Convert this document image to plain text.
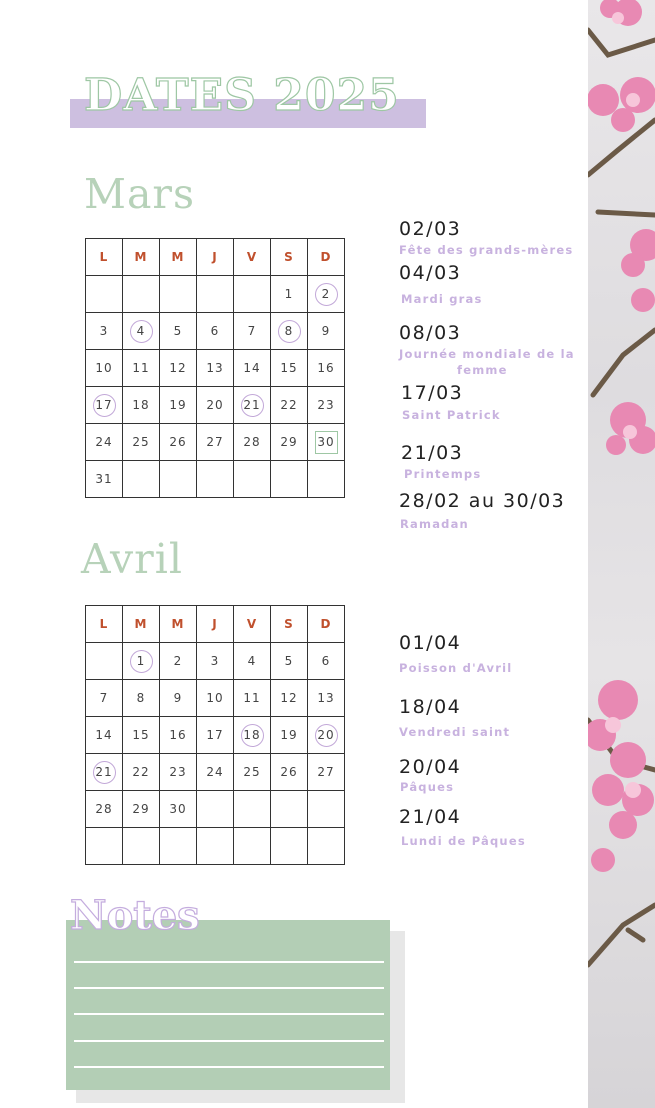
DATES 2025
Mars
L	M	M	J	V	S	D
					1	2
3	4	5	6	7	8	9
10	11	12	13	14	15	16
17	18	19	20	21	22	23
24	25	26	27	28	29	30
31						
02/03
Fête des grands-mères
04/03
Mardi gras
08/03
Journée mondiale de la
femme
17/03
Saint Patrick
21/03
Printemps
28/02 au 30/03
Ramadan
Avril
L	M	M	J	V	S	D
	1	2	3	4	5	6
7	8	9	10	11	12	13
14	15	16	17	18	19	20
21	22	23	24	25	26	27
28	29	30				

01/04
Poisson d'Avril
18/04
Vendredi saint
20/04
Pâques
21/04
Lundi de Pâques
Notes
